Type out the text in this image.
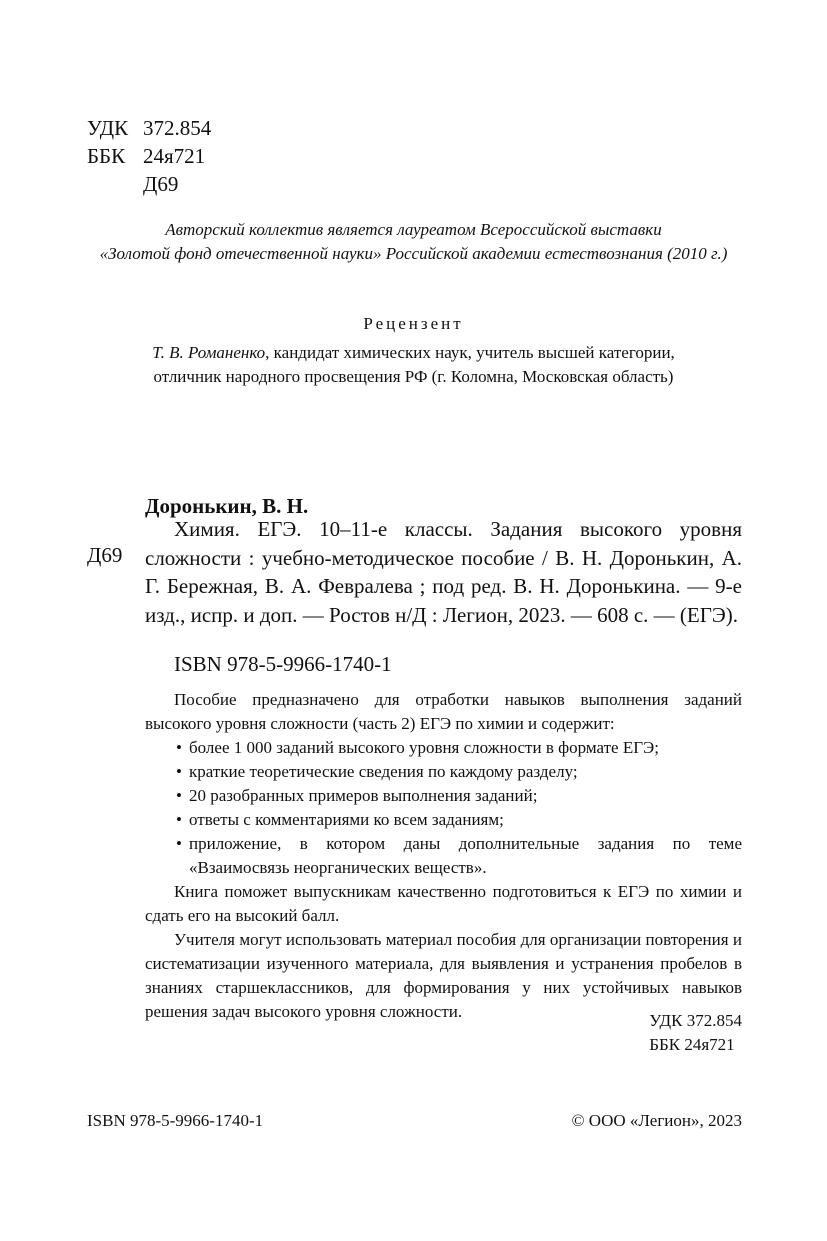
УДК 372.854
ББК 24я721
Д69
Авторский коллектив является лауреатом Всероссийской выставки
«Золотой фонд отечественной науки» Российской академии естествознания (2010 г.)
Рецензент
Т. В. Романенко, кандидат химических наук, учитель высшей категории,
отличник народного просвещения РФ (г. Коломна, Московская область)
Доронькин, В. Н.
Химия. ЕГЭ. 10–11-е классы. Задания высокого уровня сложности : учебно-методическое пособие / В. Н. Доронькин, А. Г. Бережная, В. А. Февралева ; под ред. В. Н. Доронькина. — 9-е изд., испр. и доп. — Ростов н/Д : Легион, 2023. — 608 с. — (ЕГЭ).
Д69
ISBN 978-5-9966-1740-1

Пособие предназначено для отработки навыков выполнения заданий высокого уровня сложности (часть 2) ЕГЭ по химии и содержит:

• более 1 000 заданий высокого уровня сложности в формате ЕГЭ;
• краткие теоретические сведения по каждому разделу;
• 20 разобранных примеров выполнения заданий;
• ответы с комментариями ко всем заданиям;
• приложение, в котором даны дополнительные задания по теме «Взаимосвязь неорганических веществ».

Книга поможет выпускникам качественно подготовиться к ЕГЭ по химии и сдать его на высокий балл.

Учителя могут использовать материал пособия для организации повторения и систематизации изученного материала, для выявления и устранения пробелов в знаниях старшеклассников, для формирования у них устойчивых навыков решения задач высокого уровня сложности.	УДК 372.854
ББК 24я721
ISBN 978-5-9966-1740-1	© ООО «Легион», 2023
